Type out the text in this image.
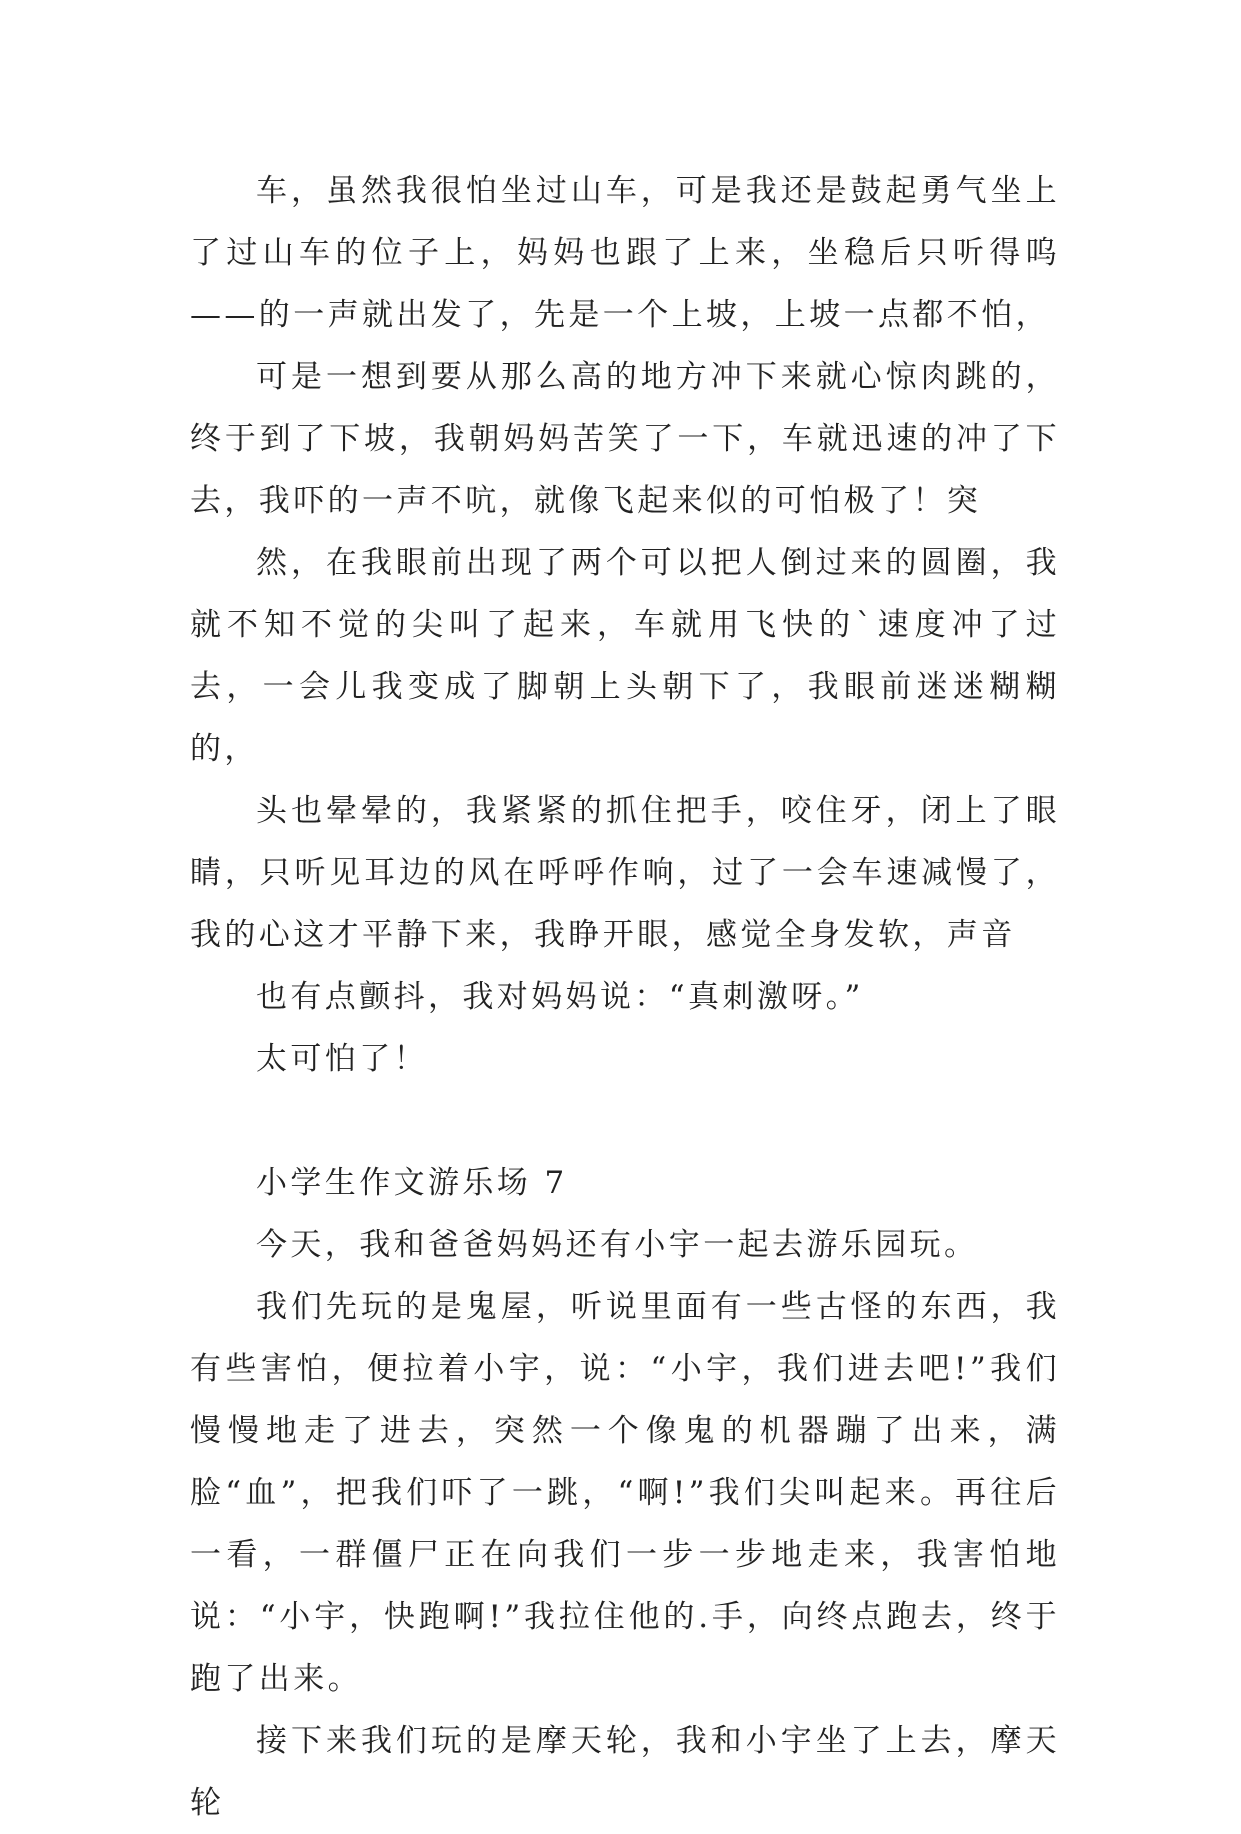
车，虽然我很怕坐过山车，可是我还是鼓起勇气坐上了过山车的位子上，妈妈也跟了上来，坐稳后只听得呜——的一声就出发了，先是一个上坡，上坡一点都不怕，

可是一想到要从那么高的地方冲下来就心惊肉跳的，终于到了下坡，我朝妈妈苦笑了一下，车就迅速的冲了下去，我吓的一声不吭，就像飞起来似的可怕极了！突

然，在我眼前出现了两个可以把人倒过来的圆圈，我就不知不觉的尖叫了起来，车就用飞快的`速度冲了过去，一会儿我变成了脚朝上头朝下了，我眼前迷迷糊糊的，

头也晕晕的，我紧紧的抓住把手，咬住牙，闭上了眼睛，只听见耳边的风在呼呼作响，过了一会车速减慢了，我的心这才平静下来，我睁开眼，感觉全身发软，声音

也有点颤抖，我对妈妈说：“真刺激呀。”

太可怕了！

小学生作文游乐场 7

今天，我和爸爸妈妈还有小宇一起去游乐园玩。

我们先玩的是鬼屋，听说里面有一些古怪的东西，我有些害怕，便拉着小宇，说：“小宇，我们进去吧!”我们慢慢地走了进去，突然一个像鬼的机器蹦了出来，满脸“血”，把我们吓了一跳，“啊!”我们尖叫起来。再往后一看，一群僵尸正在向我们一步一步地走来，我害怕地说：“小宇，快跑啊!”我拉住他的.手，向终点跑去，终于跑了出来。

接下来我们玩的是摩天轮，我和小宇坐了上去，摩天轮
